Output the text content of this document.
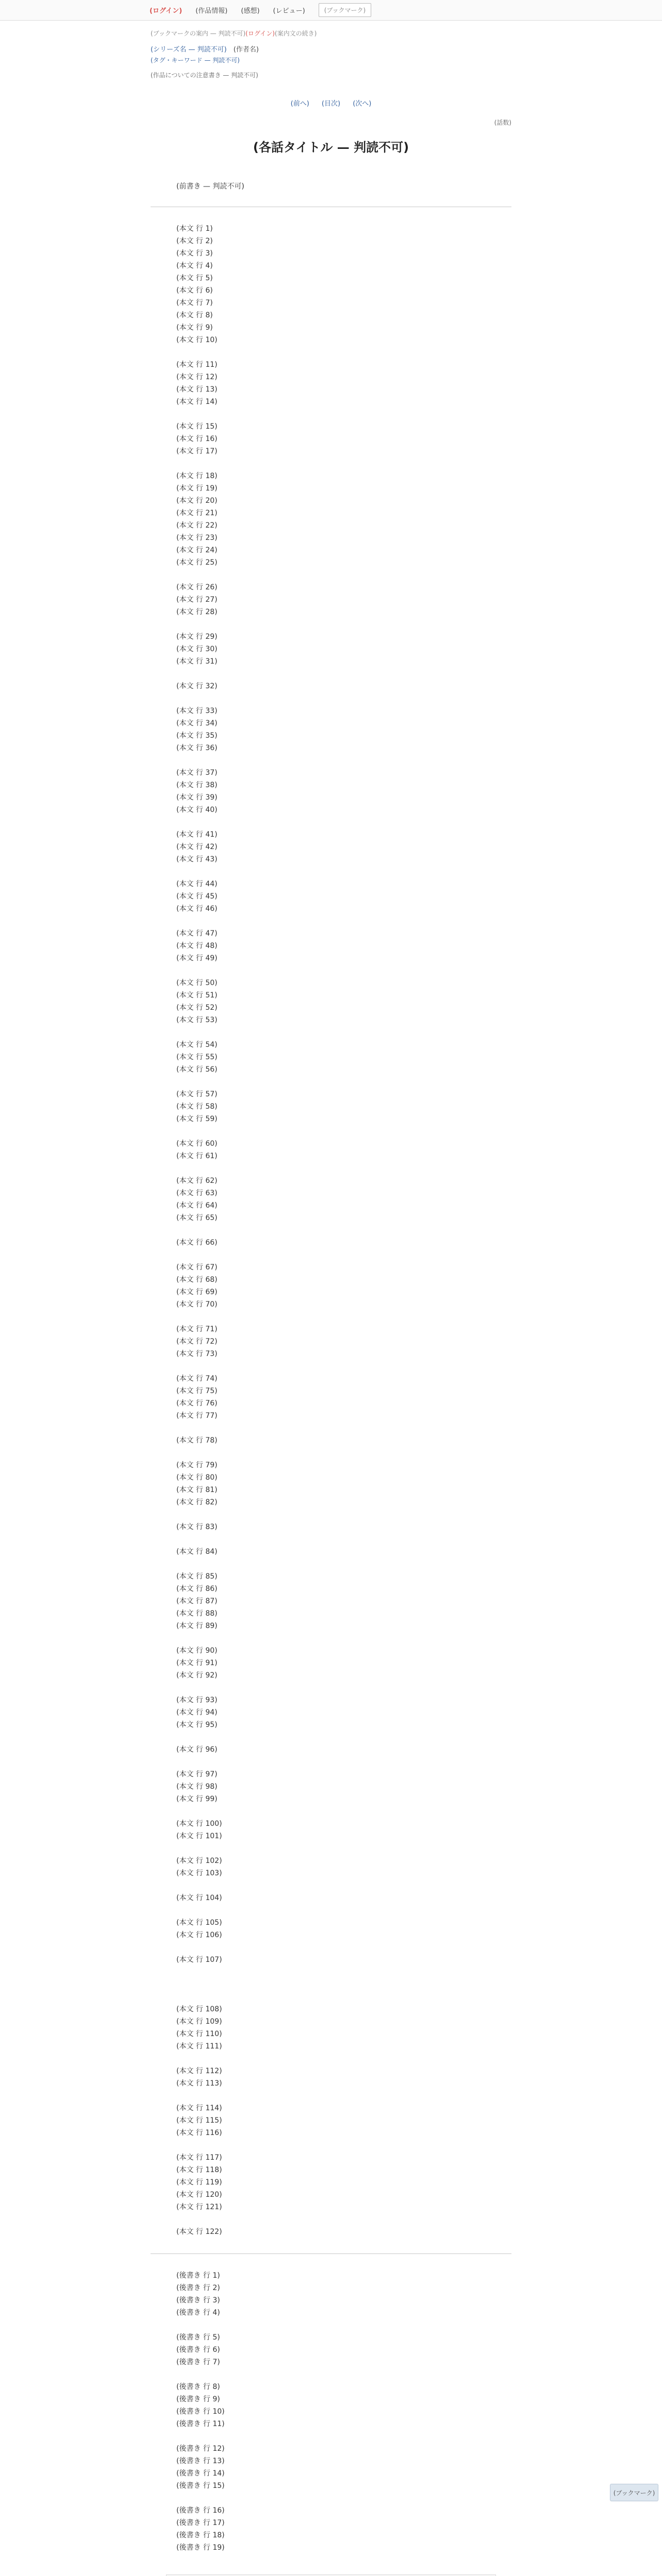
(ログイン) (作品情報) (感想) (レビュー)	(ブックマーク)
(ブックマークの案内 — 判読不可)(ログイン)(案内文の続き)
(シリーズ名 — 判読不可)　 (作者名)
(タグ・キーワード — 判読不可)
(作品についての注意書き — 判読不可)
(前へ) (目次) (次へ)
(話数)
(各話タイトル — 判読不可)
(前書き — 判読不可)

(本文 行 1)

(本文 行 2)

(本文 行 3)

(本文 行 4)

(本文 行 5)

(本文 行 6)

(本文 行 7)

(本文 行 8)

(本文 行 9)

(本文 行 10)

(本文 行 11)

(本文 行 12)

(本文 行 13)

(本文 行 14)

(本文 行 15)

(本文 行 16)

(本文 行 17)

(本文 行 18)

(本文 行 19)

(本文 行 20)

(本文 行 21)

(本文 行 22)

(本文 行 23)

(本文 行 24)

(本文 行 25)

(本文 行 26)

(本文 行 27)

(本文 行 28)

(本文 行 29)

(本文 行 30)

(本文 行 31)

(本文 行 32)

(本文 行 33)

(本文 行 34)

(本文 行 35)

(本文 行 36)

(本文 行 37)

(本文 行 38)

(本文 行 39)

(本文 行 40)

(本文 行 41)

(本文 行 42)

(本文 行 43)

(本文 行 44)

(本文 行 45)

(本文 行 46)

(本文 行 47)

(本文 行 48)

(本文 行 49)

(本文 行 50)

(本文 行 51)

(本文 行 52)

(本文 行 53)

(本文 行 54)

(本文 行 55)

(本文 行 56)

(本文 行 57)

(本文 行 58)

(本文 行 59)

(本文 行 60)

(本文 行 61)

(本文 行 62)

(本文 行 63)

(本文 行 64)

(本文 行 65)

(本文 行 66)

(本文 行 67)

(本文 行 68)

(本文 行 69)

(本文 行 70)

(本文 行 71)

(本文 行 72)

(本文 行 73)

(本文 行 74)

(本文 行 75)

(本文 行 76)

(本文 行 77)

(本文 行 78)

(本文 行 79)

(本文 行 80)

(本文 行 81)

(本文 行 82)

(本文 行 83)

(本文 行 84)

(本文 行 85)

(本文 行 86)

(本文 行 87)

(本文 行 88)

(本文 行 89)

(本文 行 90)

(本文 行 91)

(本文 行 92)

(本文 行 93)

(本文 行 94)

(本文 行 95)

(本文 行 96)

(本文 行 97)

(本文 行 98)

(本文 行 99)

(本文 行 100)

(本文 行 101)

(本文 行 102)

(本文 行 103)

(本文 行 104)

(本文 行 105)

(本文 行 106)

(本文 行 107)

(本文 行 108)

(本文 行 109)

(本文 行 110)

(本文 行 111)

(本文 行 112)

(本文 行 113)

(本文 行 114)

(本文 行 115)

(本文 行 116)

(本文 行 117)

(本文 行 118)

(本文 行 119)

(本文 行 120)

(本文 行 121)

(本文 行 122)

(後書き 行 1)

(後書き 行 2)

(後書き 行 3)

(後書き 行 4)

(後書き 行 5)

(後書き 行 6)

(後書き 行 7)

(後書き 行 8)

(後書き 行 9)

(後書き 行 10)

(後書き 行 11)

(後書き 行 12)

(後書き 行 13)

(後書き 行 14)

(後書き 行 15)

(後書き 行 16)

(後書き 行 17)

(後書き 行 18)

(後書き 行 19)

(ブックマーク)
